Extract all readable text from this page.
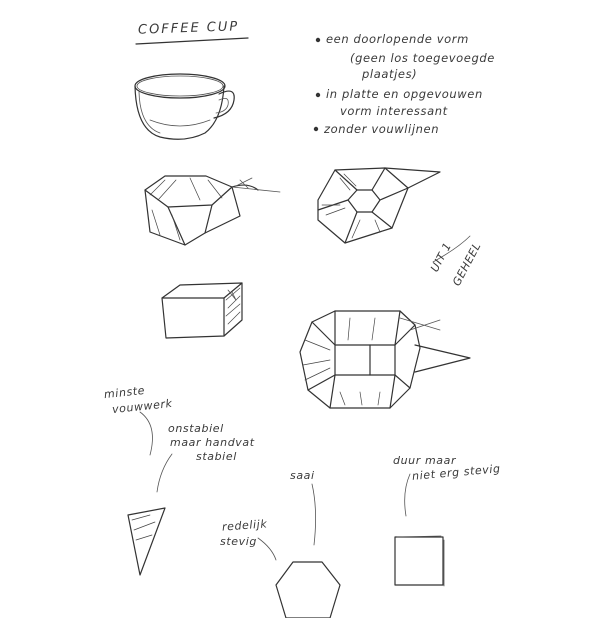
COFFEE CUP
een doorlopende vorm
(geen los toegevoegde
plaatjes)
in platte en opgevouwen
vorm interessant
zonder vouwlijnen
UIT 1
GEHEEL
minste
vouwwerk
onstabiel
maar handvat
stabiel
saai
redelijk
stevig
duur maar
niet erg stevig
